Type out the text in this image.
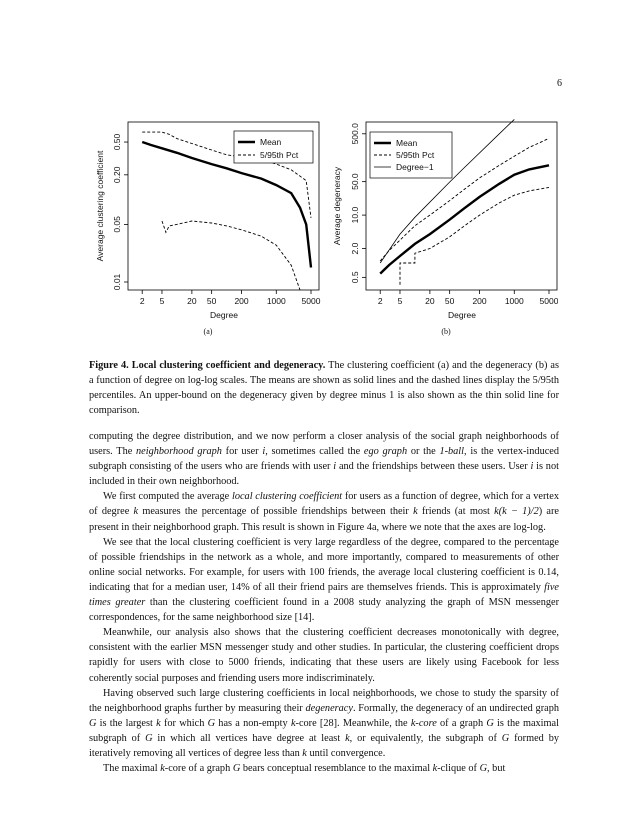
6
2 5	20 50 200 1000 5000
0.01
0.05
0.20
0.50	Mean
5/95th Pct
Average clustering coefficient
Degree
(a)
2 5	20 50 200 1000 5000
0.5
2.0
10.0
50.0
500.0	Mean
5/95th Pct
Degree−1
Average degeneracy
Degree
(b)
Figure 4. Local clustering coefficient and degeneracy. The clustering coefficient (a) and the degeneracy (b) as a function of degree on log-log scales. The means are shown as solid lines and the dashed lines display the 5/95th percentiles. An upper-bound on the degeneracy given by degree minus 1 is also shown as the thin solid line for comparison.

computing the degree distribution, and we now perform a closer analysis of the social graph neighborhoods of users. The neighborhood graph for user i, sometimes called the ego graph or the 1-ball, is the vertex-induced subgraph consisting of the users who are friends with user i and the friendships between these users. User i is not included in their own neighborhood.

We first computed the average local clustering coefficient for users as a function of degree, which for a vertex of degree k measures the percentage of possible friendships between their k friends (at most k(k − 1)/2) are present in their neighborhood graph. This result is shown in Figure 4a, where we note that the axes are log-log.

We see that the local clustering coefficient is very large regardless of the degree, compared to the percentage of possible friendships in the network as a whole, and more importantly, compared to measurements of other online social networks. For example, for users with 100 friends, the average local clustering coefficient is 0.14, indicating that for a median user, 14% of all their friend pairs are themselves friends. This is approximately five times greater than the clustering coefficient found in a 2008 study analyzing the graph of MSN messenger correspondences, for the same neighborhood size [14].

Meanwhile, our analysis also shows that the clustering coefficient decreases monotonically with degree, consistent with the earlier MSN messenger study and other studies. In particular, the clustering coefficient drops rapidly for users with close to 5000 friends, indicating that these users are likely using Facebook for less coherently social purposes and friending users more indiscriminately.

Having observed such large clustering coefficients in local neighborhoods, we chose to study the sparsity of the neighborhood graphs further by measuring their degeneracy. Formally, the degeneracy of an undirected graph G is the largest k for which G has a non-empty k-core [28]. Meanwhile, the k-core of a graph G is the maximal subgraph of G in which all vertices have degree at least k, or equivalently, the subgraph of G formed by iteratively removing all vertices of degree less than k until convergence.

The maximal k-core of a graph G bears conceptual resemblance to the maximal k-clique of G, but
